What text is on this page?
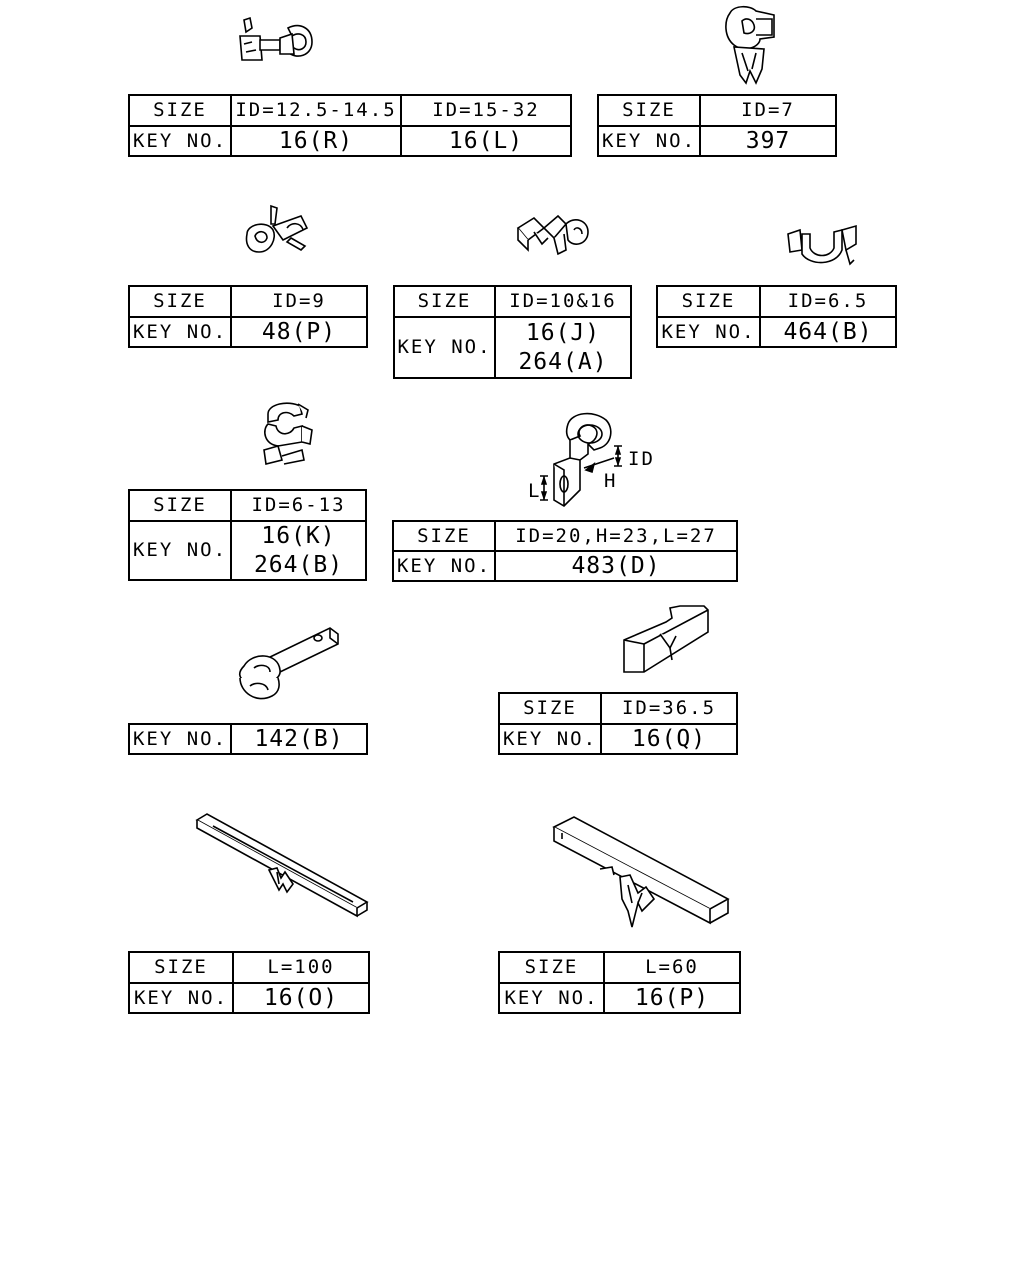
ID
H
L
SIZE	ID=12.5-14.5	ID=15-32
KEY NO.	16(R)	16(L)
SIZE	ID=7
KEY NO.	397
SIZE	ID=9
KEY NO.	48(P)
SIZE	ID=10&16
KEY NO.	16(J)
264(A)
SIZE	ID=6.5
KEY NO.	464(B)
SIZE	ID=6-13
KEY NO.	16(K)
264(B)
SIZE	ID=20,H=23,L=27
KEY NO.	483(D)
KEY NO.	142(B)
SIZE	ID=36.5
KEY NO.	16(Q)
SIZE	L=100
KEY NO.	16(O)
SIZE	L=60
KEY NO.	16(P)
